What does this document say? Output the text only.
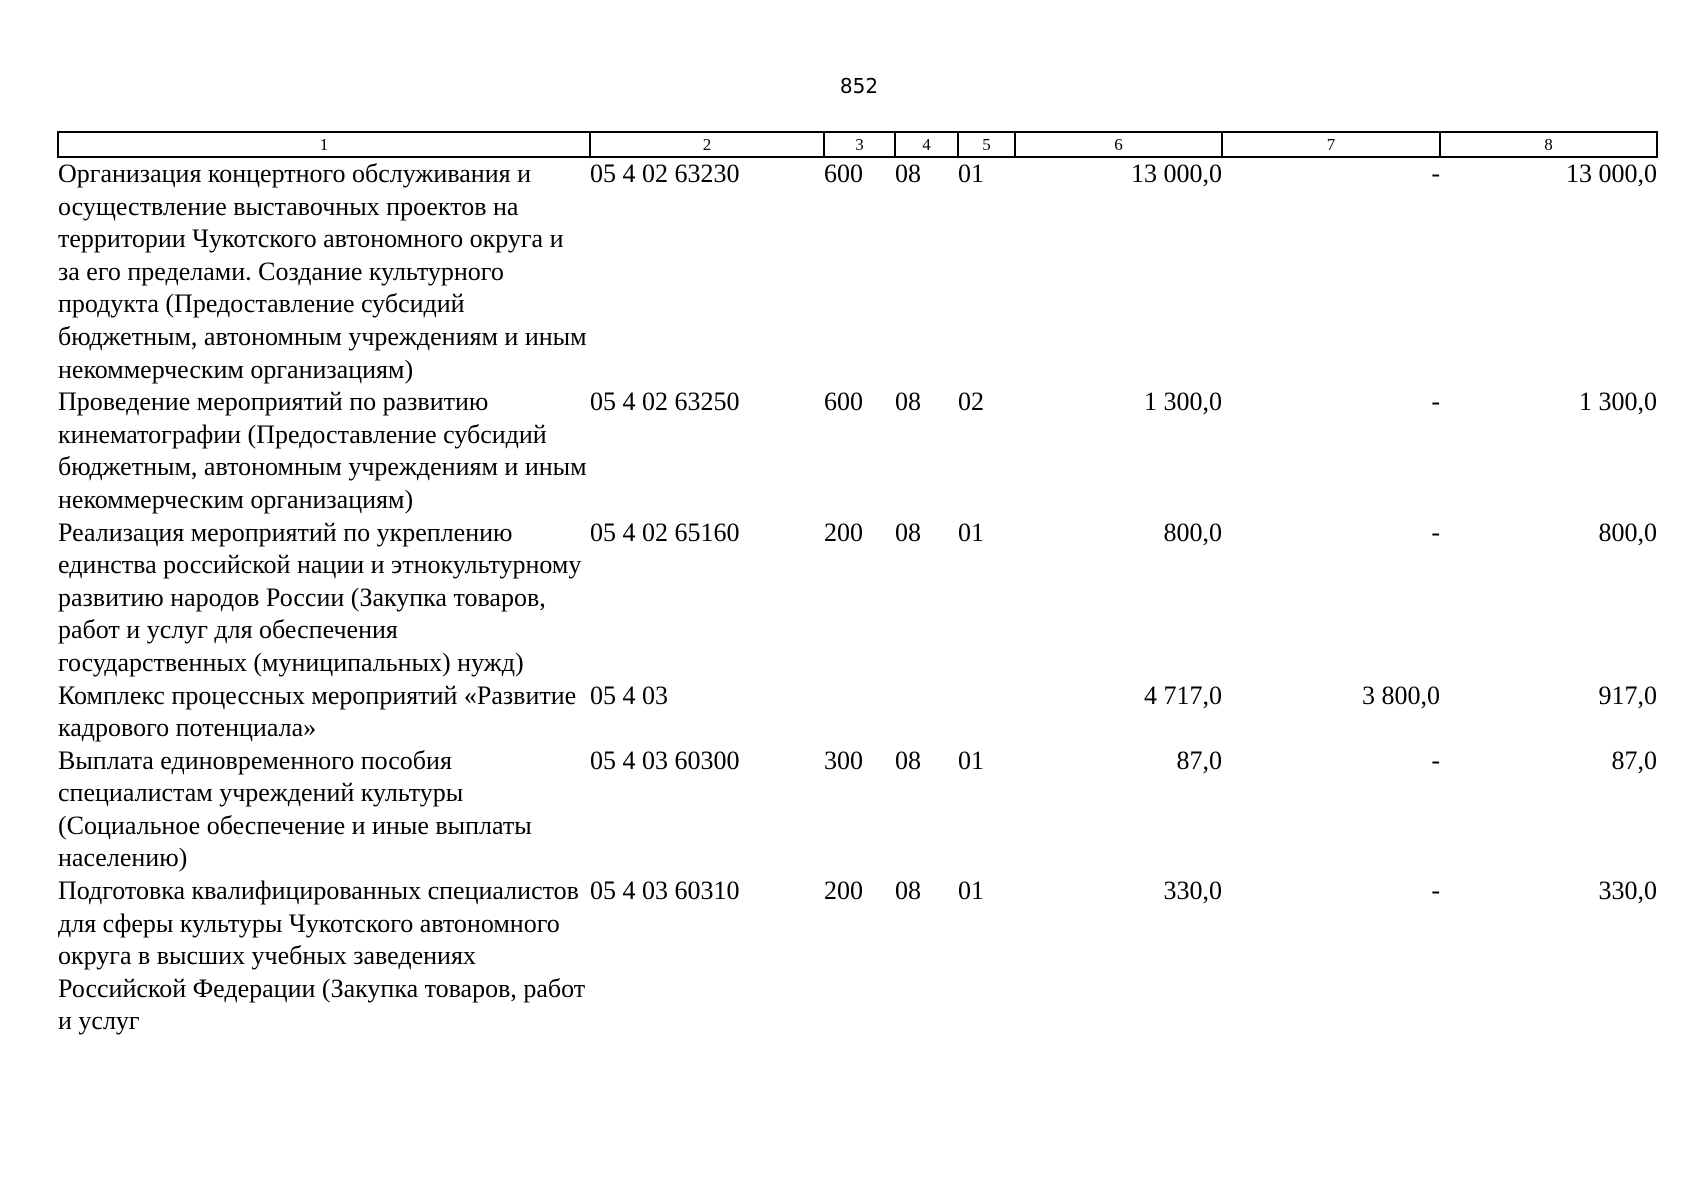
852
1	2	3	4	5	6	7	8
Организация концертного обслуживания и осуществление выставочных проектов на территории Чукотского автономного округа и за его пределами. Создание культурного продукта (Предоставление субсидий бюджетным, автономным учреждениям и иным некоммерческим организациям)	05 4 02 63230	600	08	01	13 000,0	-	13 000,0
Проведение мероприятий по развитию кинематографии (Предоставление субсидий бюджетным, автономным учреждениям и иным некоммерческим организациям)	05 4 02 63250	600	08	02	1 300,0	-	1 300,0
Реализация мероприятий по укреплению единства российской нации и этнокультурному развитию народов России (Закупка товаров, работ и услуг для обеспечения государственных (муниципальных) нужд)	05 4 02 65160	200	08	01	800,0	-	800,0
Комплекс процессных мероприятий «Развитие кадрового потенциала»	05 4 03				4 717,0	3 800,0	917,0
Выплата единовременного пособия специалистам учреждений культуры (Социальное обеспечение и иные выплаты населению)	05 4 03 60300	300	08	01	87,0	-	87,0
Подготовка квалифицированных специалистов для сферы культуры Чукотского автономного округа в высших учебных заведениях Российской Федерации (Закупка товаров, работ и услуг	05 4 03 60310	200	08	01	330,0	-	330,0
